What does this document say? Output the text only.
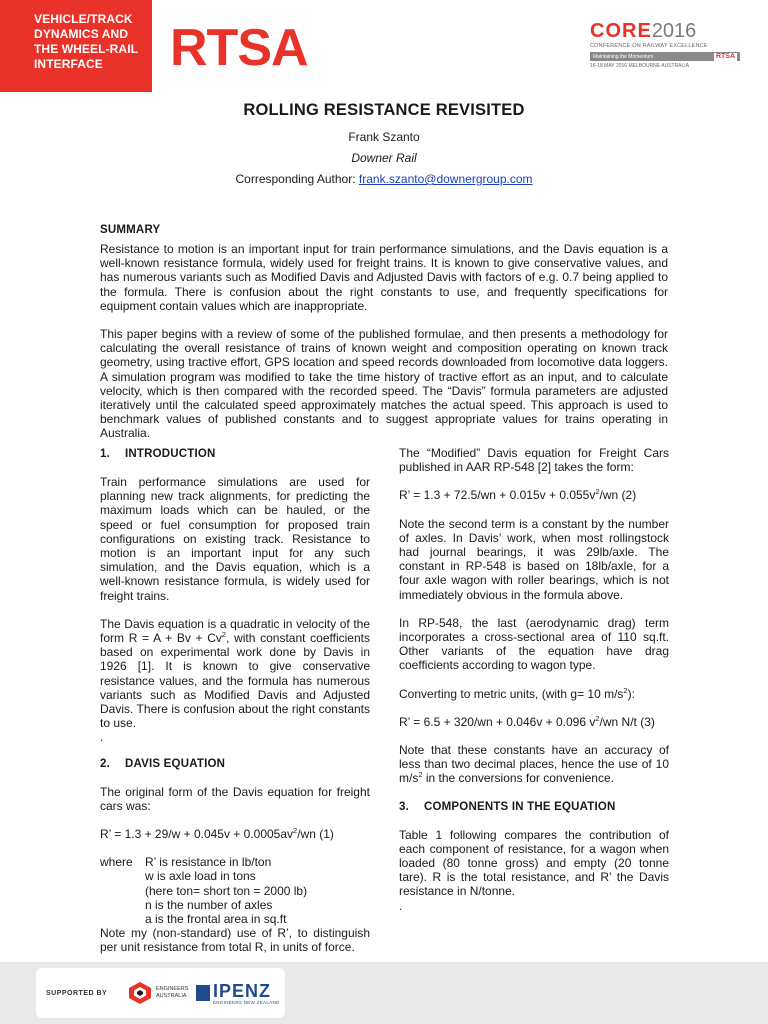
VEHICLE/TRACK
DYNAMICS AND
THE WHEEL-RAIL
INTERFACE	RTSA	CORE2016
CONFERENCE ON RAILWAY EXCELLENCE
Maintaining the Momentum	RTSA
16-18 MAY 2016 MELBOURNE AUSTRALIA
ROLLING RESISTANCE REVISITED
Frank Szanto
Downer Rail
Corresponding Author: frank.szanto@downergroup.com
SUMMARY

Resistance to motion is an important input for train performance simulations, and the Davis equation is a well-known resistance formula, widely used for freight trains. It is known to give conservative values, and has numerous variants such as Modified Davis and Adjusted Davis with factors of e.g. 0.7 being applied to the formula. There is confusion about the right constants to use, and frequently specifications for equipment contain values which are inappropriate.

This paper begins with a review of some of the published formulae, and then presents a methodology for calculating the overall resistance of trains of known weight and composition operating on known track geometry, using tractive effort, GPS location and speed records downloaded from locomotive data loggers. A simulation program was modified to take the time history of tractive effort as an input, and to calculate velocity, which is then compared with the recorded speed. The “Davis” formula parameters are adjusted iteratively until the calculated speed approximately matches the actual speed. This approach is used to benchmark values of published constants and to suggest appropriate values for trains operating in Australia.

1. INTRODUCTION

Train performance simulations are used for planning new track alignments, for predicting the maximum loads which can be hauled, or the speed or fuel consumption for proposed train configurations on existing track. Resistance to motion is an important input for any such simulation, and the Davis equation, which is a well-known resistance formula, is widely used for freight trains.

The Davis equation is a quadratic in velocity of the form $R = A + Bv + Cv^2$, with constant coefficients based on experimental work done by Davis in 1926 [1]. It is known to give conservative resistance values, and the formula has numerous variants such as Modified Davis and Adjusted Davis. There is confusion about the right constants to use.

.
2. DAVIS EQUATION

The original form of the Davis equation for freight cars was:

R’ = $1.3 + 29/w + 0.045v + 0.0005av^2/wn$ (1)

where	R’ is resistance in lb/ton
w is axle load in tons
(here ton= short ton = 2000 lb)
n is the number of axles
a is the frontal area in sq.ft

Note my (non-standard) use of R’, to distinguish per unit resistance from total R, in units of force.

The “Modified” Davis equation for Freight Cars published in AAR RP-548 [2] takes the form:

R’ = $1.3 + 72.5/wn + 0.015v + 0.055v^2/wn$ (2)

Note the second term is a constant by the number of axles. In Davis’ work, when most rollingstock had journal bearings, it was 29lb/axle. The constant in RP-548 is based on 18lb/axle, for a four axle wagon with roller bearings, which is not immediately obvious in the formula above.

In RP-548, the last (aerodynamic drag) term incorporates a cross-sectional area of 110 sq.ft. Other variants of the equation have drag coefficients according to wagon type.

Converting to metric units, (with g= 10 $m/s^2$):

R’ = 6.5 + 320/wn + 0.046v + 0.096 $v^2/wn$ N/t (3)

Note that these constants have an accuracy of less than two decimal places, hence the use of 10 $m/s^2$ in the conversions for convenience.

3. COMPONENTS IN THE EQUATION

Table 1 following compares the contribution of each component of resistance, for a wagon when loaded (80 tonne gross) and empty (20 tonne tare). R is the total resistance, and R’ the Davis resistance in N/tonne.

.
SUPPORTED BY
ENGINEERS
AUSTRALIA IPENZ
ENGINEERS NEW ZEALAND
